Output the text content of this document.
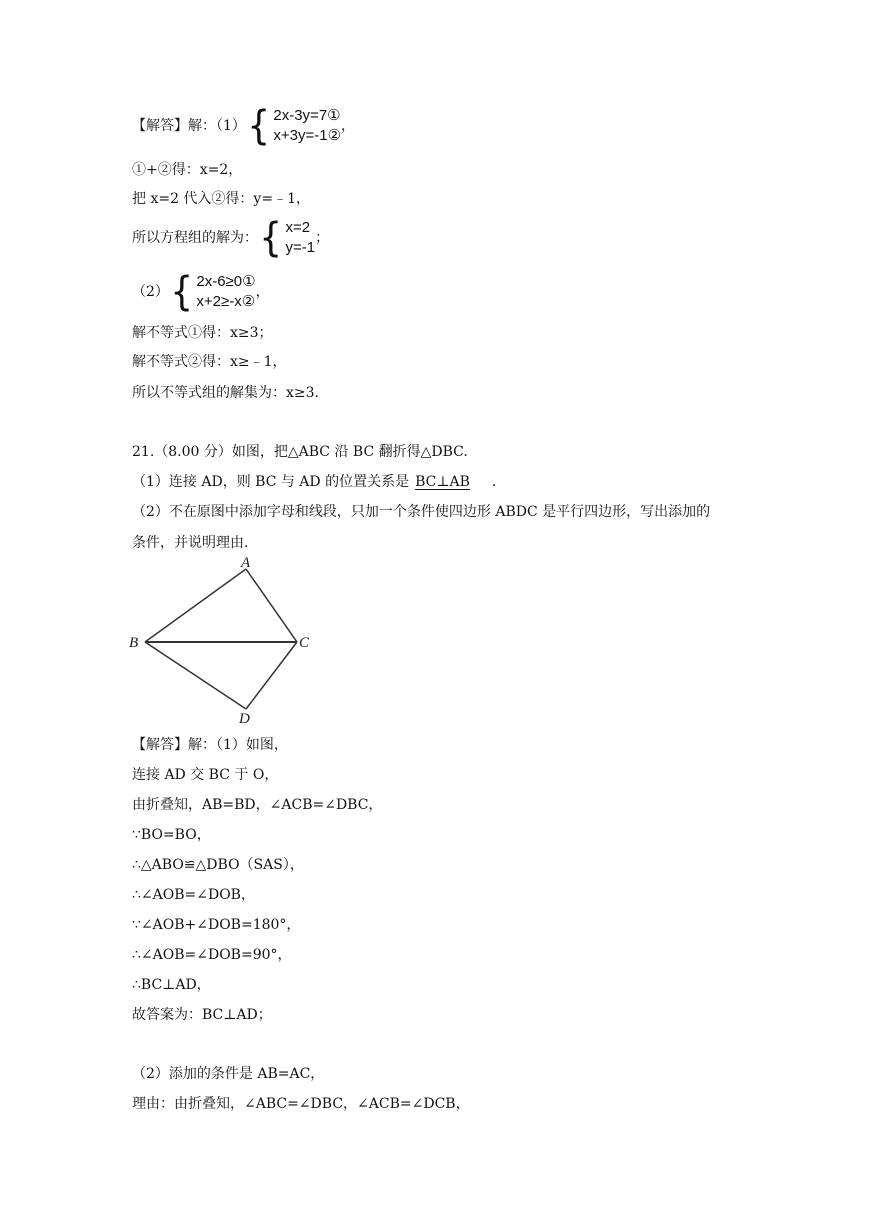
【解答】解：（1） { 2x-3y=7①
x+3y=-1②
，
①+②得：x=2，
把 x=2 代入②得：y=﹣1，
所以方程组的解为： { x=2
y=-1
；
（2） { 2x-6≥0①
x+2≥-x②
，
解不等式①得：x≥3；
解不等式②得：x≥﹣1，
所以不等式组的解集为：x≥3.
21.（8.00 分）如图，把△ABC 沿 BC 翻折得△DBC.
（1）连接 AD，则 BC 与 AD 的位置关系是 BC⊥AB .
（2）不在原图中添加字母和线段，只加一个条件使四边形 ABDC 是平行四边形，写出添加的
条件，并说明理由.
A
B	C
D
【解答】解：（1）如图，
连接 AD 交 BC 于 O，
由折叠知，AB=BD，∠ACB=∠DBC，
∵BO=BO，
∴△ABO≌△DBO（SAS），
∴∠AOB=∠DOB，
∵∠AOB+∠DOB=180°，
∴∠AOB=∠DOB=90°，
∴BC⊥AD，
故答案为：BC⊥AD；
（2）添加的条件是 AB=AC，
理由：由折叠知，∠ABC=∠DBC，∠ACB=∠DCB，
